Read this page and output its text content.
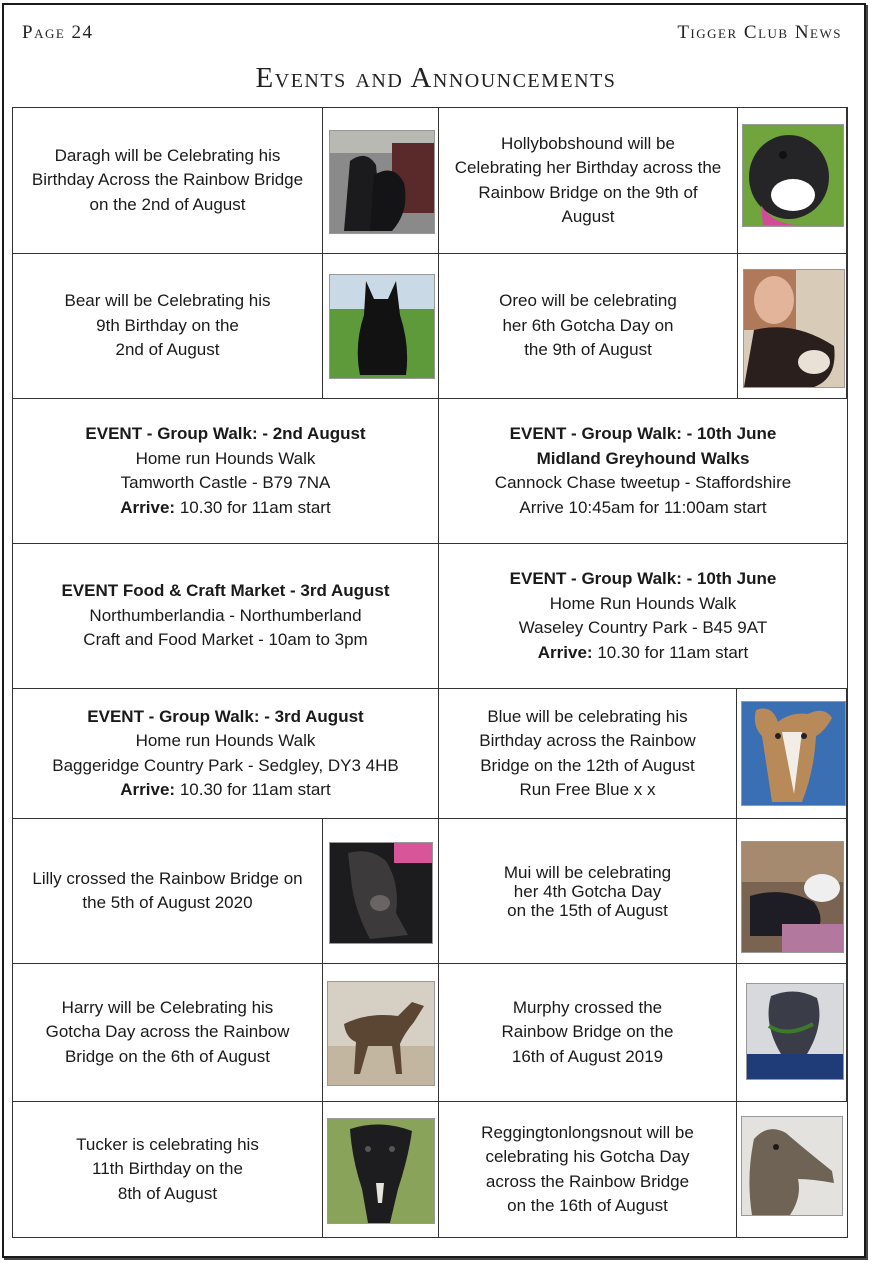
Page 24	Tigger Club News
Events and Announcements
Daragh will be Celebrating his
Birthday Across the Rainbow Bridge
on the 2nd of August
Hollybobshound will be
Celebrating her Birthday across the
Rainbow Bridge on the 9th of
August
Bear will be Celebrating his
9th Birthday on the
2nd of August
Oreo will be celebrating
her 6th Gotcha Day on
the 9th of August
EVENT - Group Walk: - 2nd August
Home run Hounds Walk
Tamworth Castle - B79 7NA
Arrive: 10.30 for 11am start
EVENT - Group Walk: - 10th June
Midland Greyhound Walks
Cannock Chase tweetup - Staffordshire
Arrive 10:45am for 11:00am start
EVENT Food & Craft Market - 3rd August
Northumberlandia - Northumberland
Craft and Food Market - 10am to 3pm
EVENT - Group Walk: - 10th June
Home Run Hounds Walk
Waseley Country Park - B45 9AT
Arrive: 10.30 for 11am start
EVENT - Group Walk: - 3rd August
Home run Hounds Walk
Baggeridge Country Park - Sedgley, DY3 4HB
Arrive: 10.30 for 11am start
Blue will be celebrating his
Birthday across the Rainbow
Bridge on the 12th of August
Run Free Blue x x
Lilly crossed the Rainbow Bridge on
the 5th of August 2020
Mui will be celebrating
her 4th Gotcha Day
on the 15th of August
Harry will be Celebrating his
Gotcha Day across the Rainbow
Bridge on the 6th of August
Murphy crossed the
Rainbow Bridge on the
16th of August 2019
Tucker is celebrating his
11th Birthday on the
8th of August
Reggingtonlongsnout will be
celebrating his Gotcha Day
across the Rainbow Bridge
on the 16th of August
